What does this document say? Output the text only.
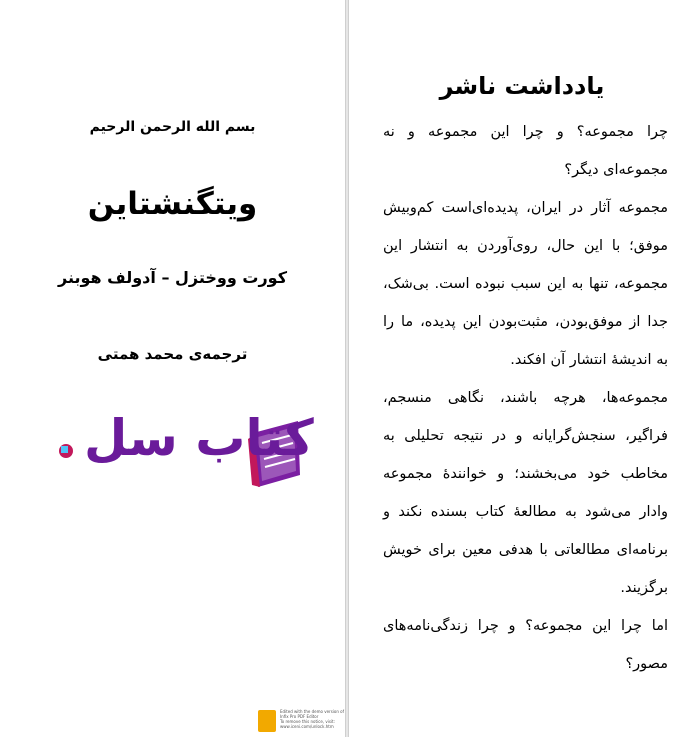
بسم الله الرحمن الرحیم
ویتگنشتاین
کورت ووختزل – آدولف هوبنر
ترجمه‌ی محمد همتی
کتاب سل
یادداشت ناشر

چرا مجموعه؟ و چرا این مجموعه و نه مجموعه‌ای دیگر؟

مجموعه آثار در ایران، پدیده‌ای‌است کم‌وبیش موفق؛ با این حال، روی‌آوردن به انتشار این مجموعه، تنها به این سبب نبوده است. بی‌شک، جدا از موفق‌بودن، مثبت‌بودن این پدیده، ما را به اندیشهٔ انتشار آن افکند.

مجموعه‌ها، هرچه باشند، نگاهی منسجم، فراگیر، سنجش‌گرایانه و در نتیجه تحلیلی به مخاطب خود می‌بخشند؛ و خوانندهٔ مجموعه وادار می‌شود به مطالعهٔ کتاب بسنده نکند و برنامه‌ای مطالعاتی با هدفی معین برای خویش برگزیند.

اما چرا این مجموعه؟ و چرا زندگی‌نامه‌های مصور؟

Edited with the demo version of
Infix Pro PDF Editor
To remove this notice, visit:
www.iceni.com/unlock.htm
